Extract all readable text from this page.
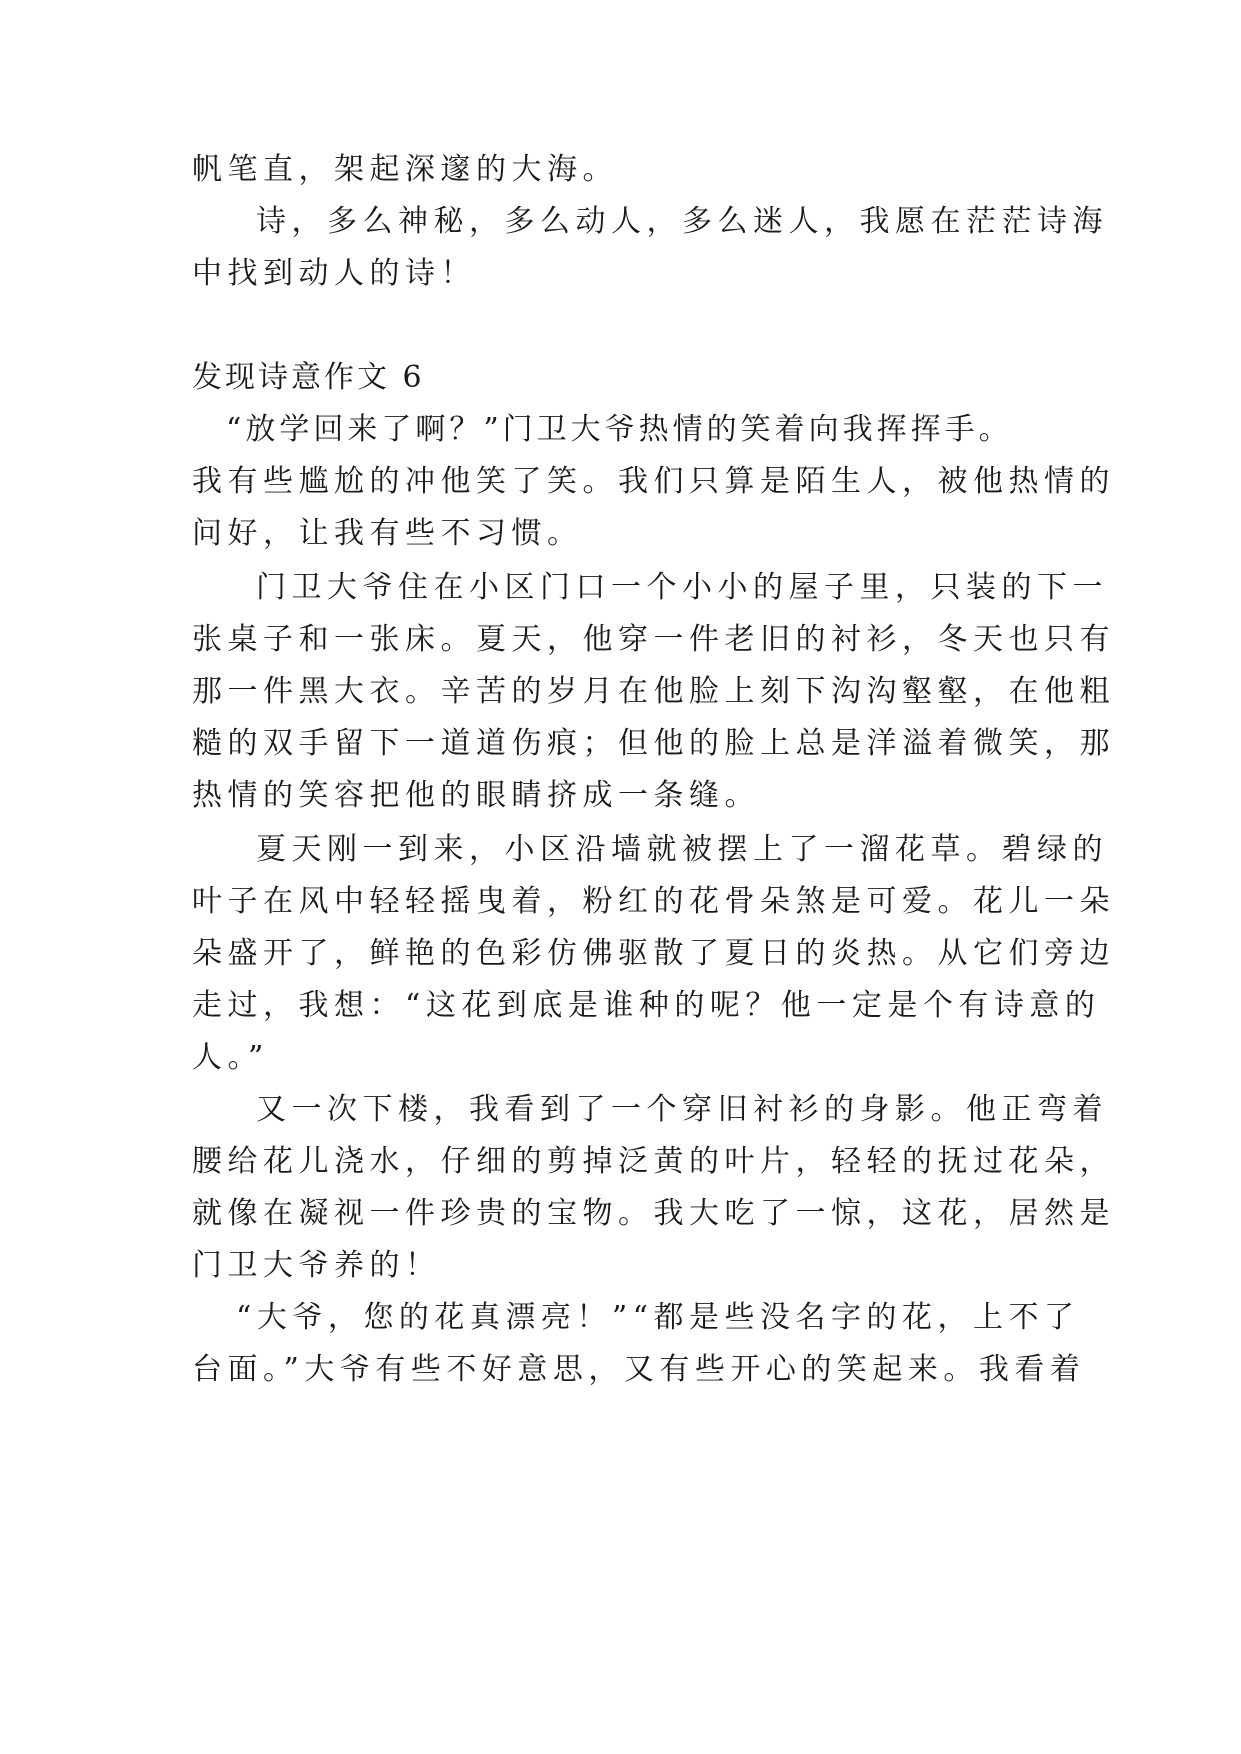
帆笔直，架起深邃的大海。
诗，多么神秘，多么动人，多么迷人，我愿在茫茫诗海
中找到动人的诗！
发现诗意作文 6
“放学回来了啊？”门卫大爷热情的笑着向我挥挥手。
我有些尴尬的冲他笑了笑。我们只算是陌生人，被他热情的
问好，让我有些不习惯。
门卫大爷住在小区门口一个小小的屋子里，只装的下一
张桌子和一张床。夏天，他穿一件老旧的衬衫，冬天也只有
那一件黑大衣。辛苦的岁月在他脸上刻下沟沟壑壑，在他粗
糙的双手留下一道道伤痕；但他的脸上总是洋溢着微笑，那
热情的笑容把他的眼睛挤成一条缝。
夏天刚一到来，小区沿墙就被摆上了一溜花草。碧绿的
叶子在风中轻轻摇曳着，粉红的花骨朵煞是可爱。花儿一朵
朵盛开了，鲜艳的色彩仿佛驱散了夏日的炎热。从它们旁边
走过，我想：“这花到底是谁种的呢？他一定是个有诗意的
人。”
又一次下楼，我看到了一个穿旧衬衫的身影。他正弯着
腰给花儿浇水，仔细的剪掉泛黄的叶片，轻轻的抚过花朵，
就像在凝视一件珍贵的宝物。我大吃了一惊，这花，居然是
门卫大爷养的！
“大爷，您的花真漂亮！”“都是些没名字的花，上不了
台面。”大爷有些不好意思，又有些开心的笑起来。我看着
